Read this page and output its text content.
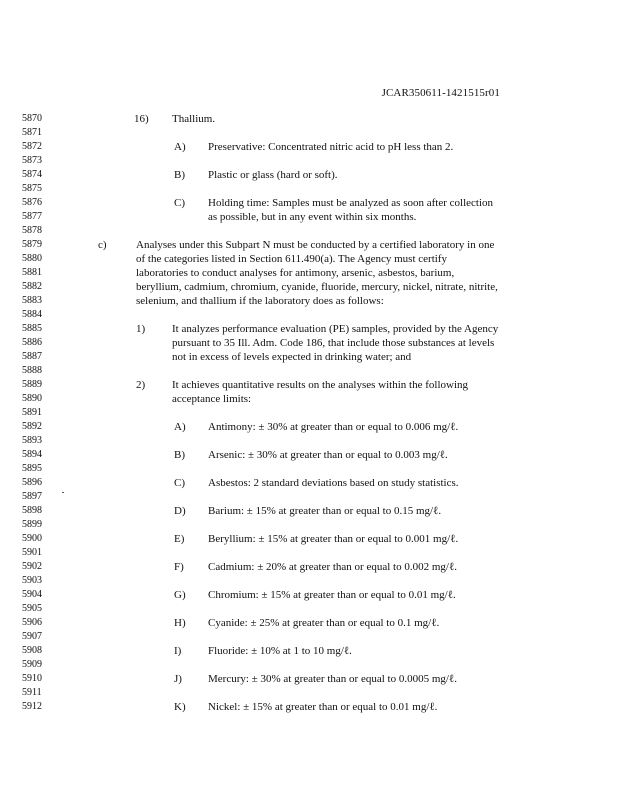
JCAR350611-1421515r01
5870
5871
5872
5873
5874
5875
5876
5877
5878
5879
5880
5881
5882
5883
5884
5885
5886
5887
5888
5889
5890
5891
5892
5893
5894
5895
5896
5897
5898
5899
5900
5901
5902
5903
5904
5905
5906
5907
5908
5909
5910
5911
5912
16) Thallium.
A) Preservative: Concentrated nitric acid to pH less than 2.
B) Plastic or glass (hard or soft).
C) Holding time: Samples must be analyzed as soon after collection
as possible, but in any event within six months.
c)	Analyses under this Subpart N must be conducted by a certified laboratory in one
of the categories listed in Section 611.490(a). The Agency must certify
laboratories to conduct analyses for antimony, arsenic, asbestos, barium,
beryllium, cadmium, chromium, cyanide, fluoride, mercury, nickel, nitrate, nitrite,
selenium, and thallium if the laboratory does as follows:
1) It analyzes performance evaluation (PE) samples, provided by the Agency
pursuant to 35 Ill. Adm. Code 186, that include those substances at levels
not in excess of levels expected in drinking water; and
2) It achieves quantitative results on the analyses within the following
acceptance limits:
A) Antimony: ± 30% at greater than or equal to 0.006 mg/ℓ.
B) Arsenic: ± 30% at greater than or equal to 0.003 mg/ℓ.
C) Asbestos: 2 standard deviations based on study statistics.
D) Barium: ± 15% at greater than or equal to 0.15 mg/ℓ.
E) Beryllium: ± 15% at greater than or equal to 0.001 mg/ℓ.
F) Cadmium: ± 20% at greater than or equal to 0.002 mg/ℓ.
G) Chromium: ± 15% at greater than or equal to 0.01 mg/ℓ.
H) Cyanide: ± 25% at greater than or equal to 0.1 mg/ℓ.
I) Fluoride: ± 10% at 1 to 10 mg/ℓ.
J) Mercury: ± 30% at greater than or equal to 0.0005 mg/ℓ.
K) Nickel: ± 15% at greater than or equal to 0.01 mg/ℓ.
